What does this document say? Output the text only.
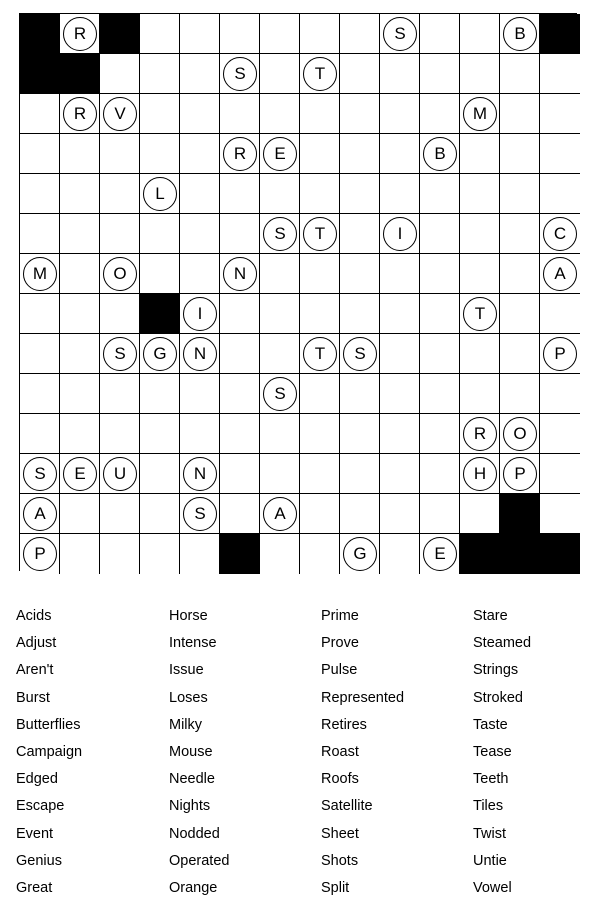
R	S	B
S	T
R	V	M
R	E	B
L
S	T	I	C
M	O	N	A
I	T
S	G	N	T	S	P
S
R	O
S	E	U	N	H	P
A	S	A
P	G	E
Acids
Adjust
Aren't
Burst
Butterflies
Campaign
Edged
Escape
Event
Genius
Great
Horse
Intense
Issue
Loses
Milky
Mouse
Needle
Nights
Nodded
Operated
Orange
Prime
Prove
Pulse
Represented
Retires
Roast
Roofs
Satellite
Sheet
Shots
Split
Stare
Steamed
Strings
Stroked
Taste
Tease
Teeth
Tiles
Twist
Untie
Vowel
